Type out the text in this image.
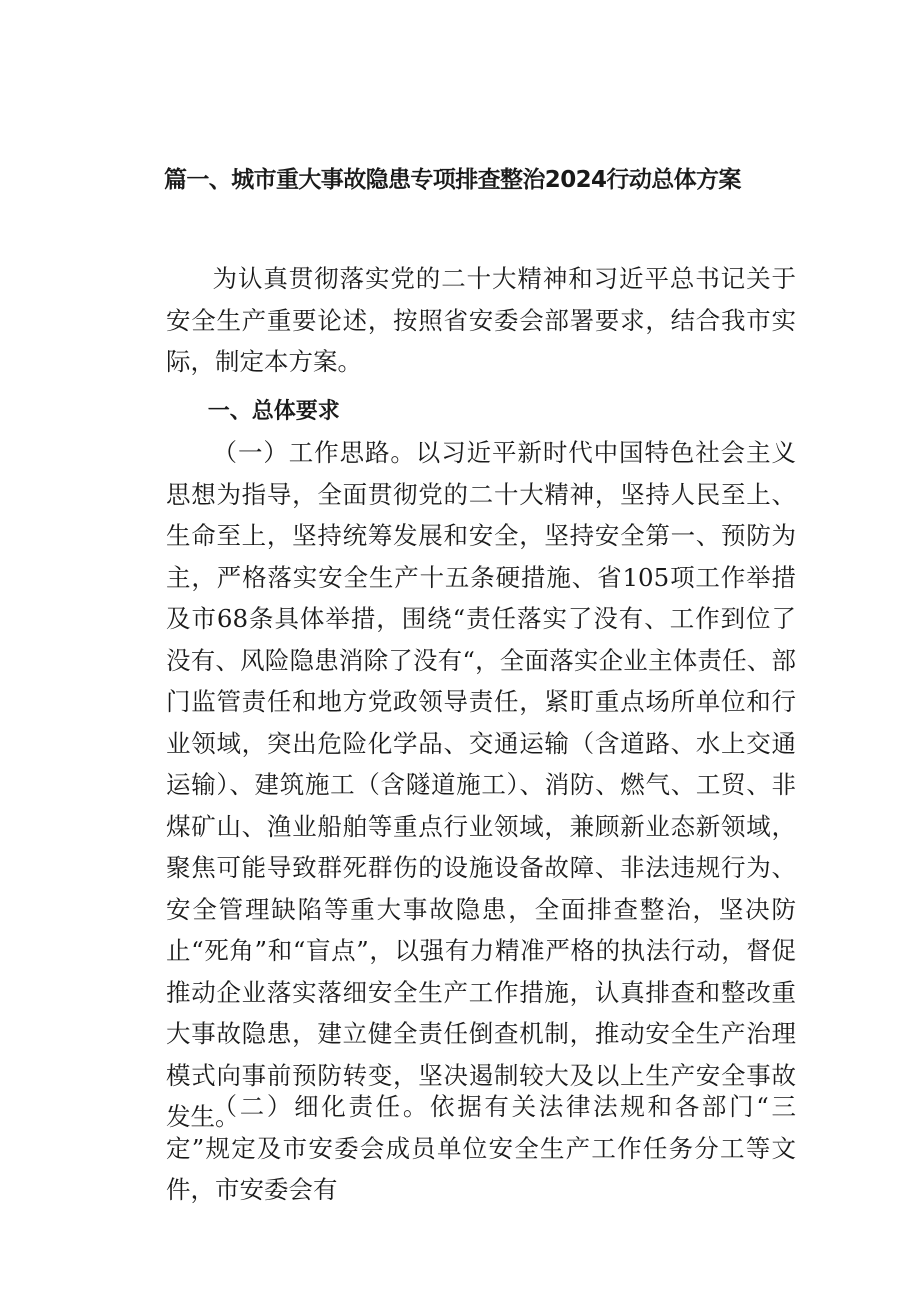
篇一、城市重大事故隐患专项排查整治2024行动总体方案

为认真贯彻落实党的二十大精神和习近平总书记关于安全生产重要论述，按照省安委会部署要求，结合我市实际，制定本方案。

一、总体要求

（一）工作思路。以习近平新时代中国特色社会主义思想为指导，全面贯彻党的二十大精神，坚持人民至上、生命至上，坚持统筹发展和安全，坚持安全第一、预防为主，严格落实安全生产十五条硬措施、省105项工作举措及市68条具体举措，围绕“责任落实了没有、工作到位了没有、风险隐患消除了没有“，全面落实企业主体责任、部门监管责任和地方党政领导责任，紧盯重点场所单位和行业领域，突出危险化学品、交通运输（含道路、水上交通运输）、建筑施工（含隧道施工）、消防、燃气、工贸、非煤矿山、渔业船舶等重点行业领域，兼顾新业态新领域，聚焦可能导致群死群伤的设施设备故障、非法违规行为、安全管理缺陷等重大事故隐患，全面排查整治，坚决防止“死角”和“盲点”，以强有力精准严格的执法行动，督促推动企业落实落细安全生产工作措施，认真排查和整改重大事故隐患，建立健全责任倒查机制，推动安全生产治理模式向事前预防转变，坚决遏制较大及以上生产安全事故发生。

（二）细化责任。依据有关法律法规和各部门“三定”规定及市安委会成员单位安全生产工作任务分工等文件，市安委会有
